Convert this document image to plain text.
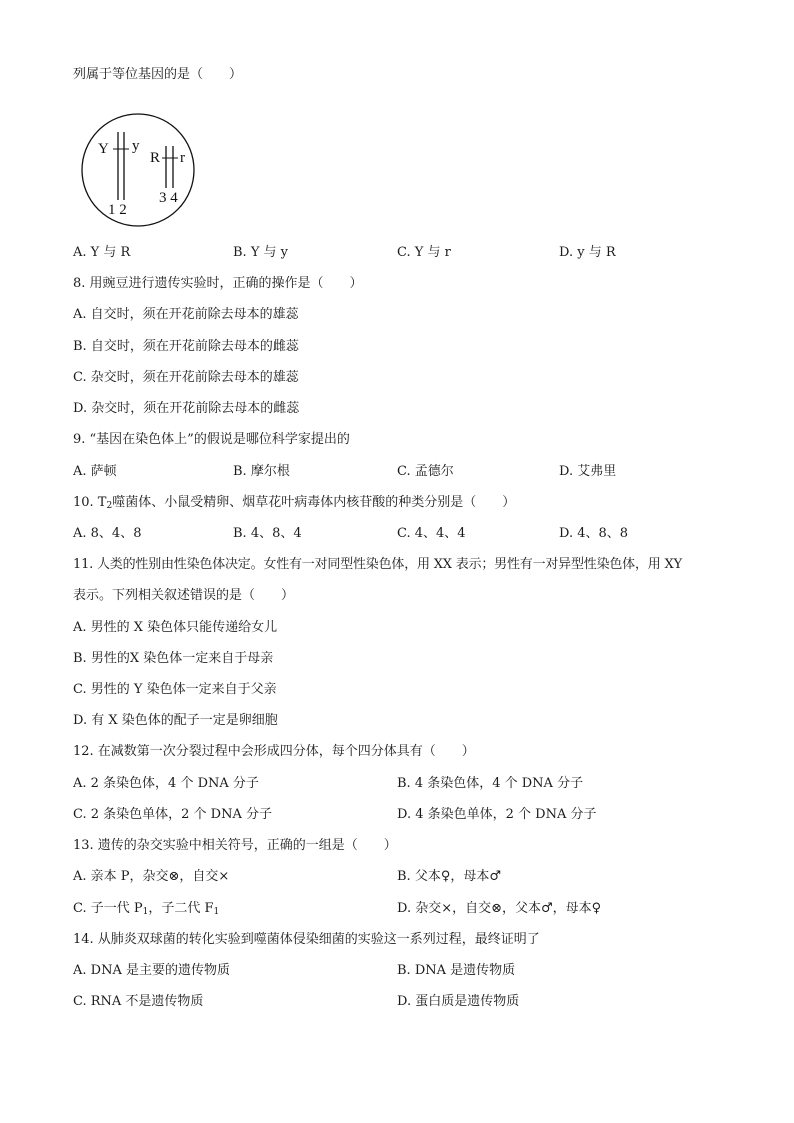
列属于等位基因的是（　　）
Y y
1 2
R r
3 4
A. Y 与 R	B. Y 与 y	C. Y 与 r	D. y 与 R
8. 用豌豆进行遗传实验时，正确的操作是（　　）
A. 自交时，须在开花前除去母本的雄蕊
B. 自交时，须在开花前除去母本的雌蕊
C. 杂交时，须在开花前除去母本的雄蕊
D. 杂交时，须在开花前除去母本的雌蕊
9. “基因在染色体上”的假说是哪位科学家提出的
A. 萨顿	B. 摩尔根	C. 孟德尔	D. 艾弗里
10. $T_2$噬菌体、小鼠受精卵、烟草花叶病毒体内核苷酸的种类分别是（　　）
A. 8、4、8	B. 4、8、4	C. 4、4、4	D. 4、8、8
11. 人类的性别由性染色体决定。女性有一对同型性染色体，用 XX 表示；男性有一对异型性染色体，用 XY
表示。下列相关叙述错误的是（　　）
A. 男性的 X 染色体只能传递给女儿
B. 男性的X 染色体一定来自于母亲
C. 男性的 Y 染色体一定来自于父亲
D. 有 X 染色体的配子一定是卵细胞
12. 在减数第一次分裂过程中会形成四分体，每个四分体具有（　　）
A. 2 条染色体，4 个 DNA 分子	B. 4 条染色体，4 个 DNA 分子
C. 2 条染色单体，2 个 DNA 分子	D. 4 条染色单体，2 个 DNA 分子
13. 遗传的杂交实验中相关符号，正确的一组是（　　）
A. 亲本 P，杂交⊗，自交×	B. 父本♀，母本♂
C. 子一代 $P_1$，子二代 $F_1$	D. 杂交×，自交⊗，父本♂，母本♀
14. 从肺炎双球菌的转化实验到噬菌体侵染细菌的实验这一系列过程，最终证明了
A. DNA 是主要的遗传物质	B. DNA 是遗传物质
C. RNA 不是遗传物质	D. 蛋白质是遗传物质
